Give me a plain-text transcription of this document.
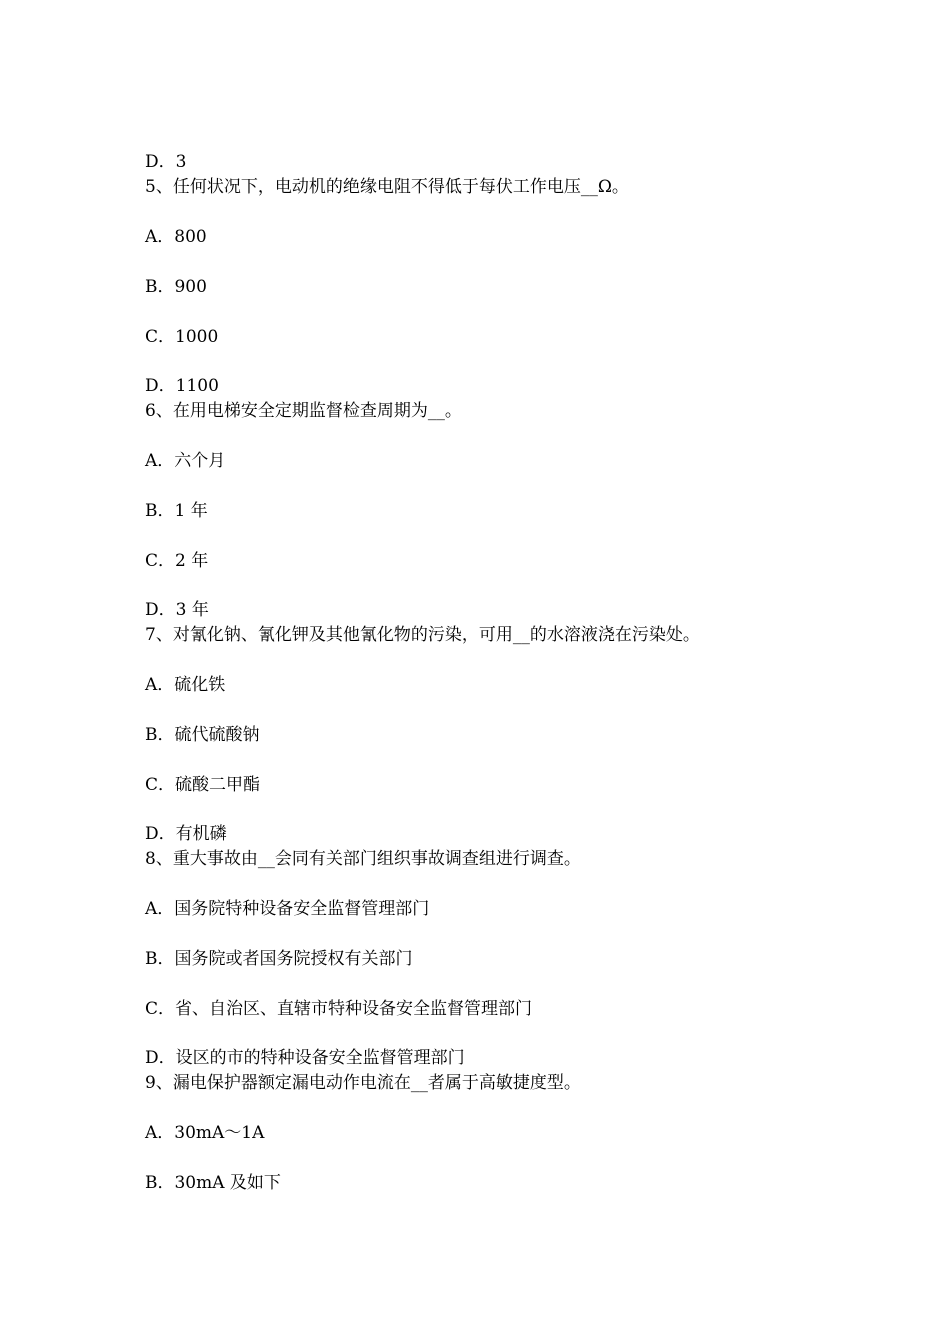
D．3
5、任何状况下，电动机的绝缘电阻不得低于每伏工作电压__Ω。
A．800
B．900
C．1000
D．1100
6、在用电梯安全定期监督检查周期为__。
A．六个月
B．1 年
C．2 年
D．3 年
7、对氰化钠、氰化钾及其他氰化物的污染，可用__的水溶液浇在污染处。
A．硫化铁
B．硫代硫酸钠
C．硫酸二甲酯
D．有机磷
8、重大事故由__会同有关部门组织事故调查组进行调查。
A．国务院特种设备安全监督管理部门
B．国务院或者国务院授权有关部门
C．省、自治区、直辖市特种设备安全监督管理部门
D．设区的市的特种设备安全监督管理部门
9、漏电保护器额定漏电动作电流在__者属于高敏捷度型。
A．30mA～1A
B．30mA 及如下
